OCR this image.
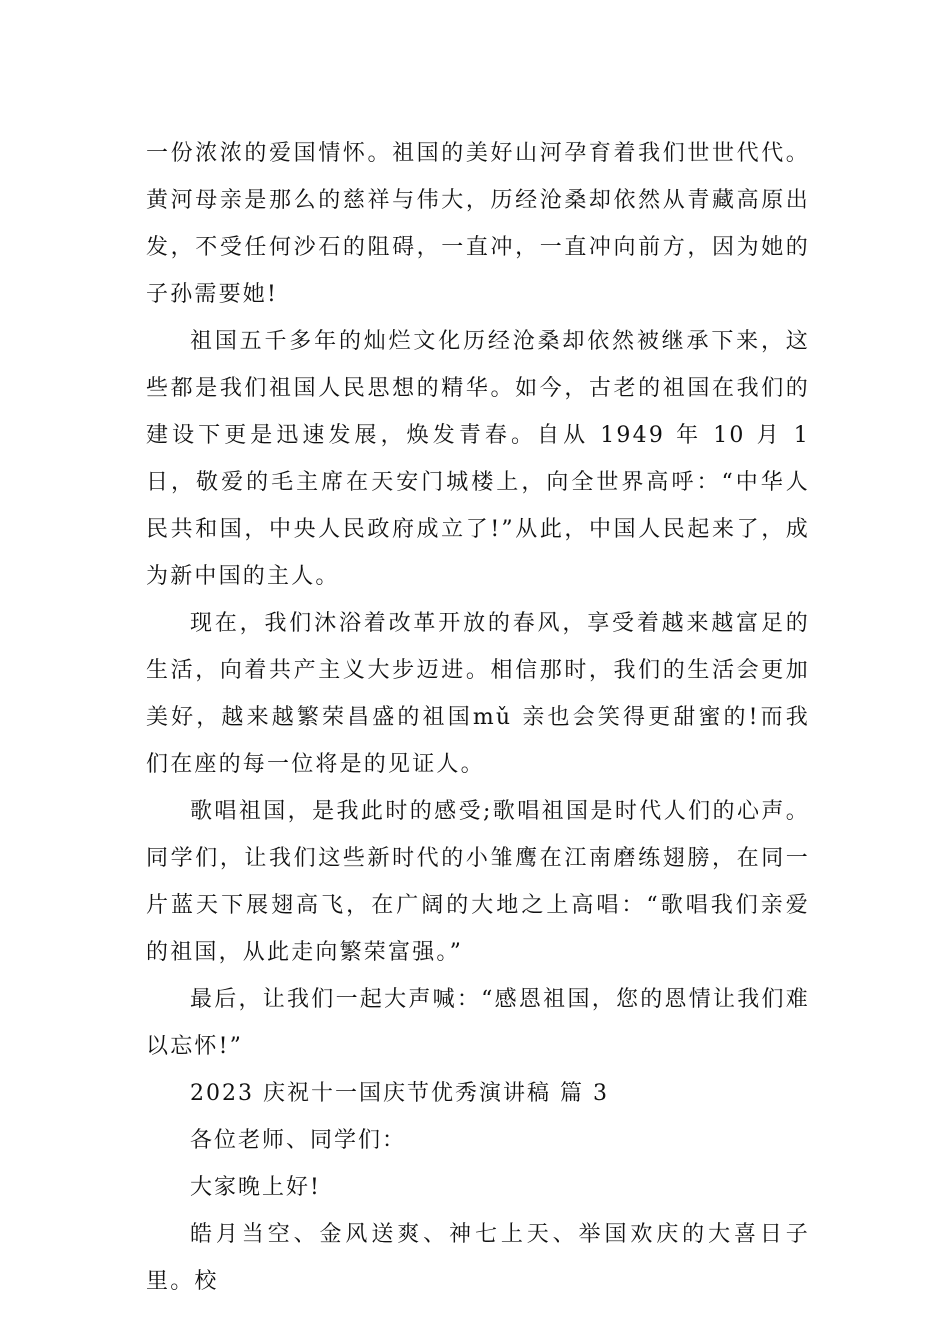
一份浓浓的爱国情怀。祖国的美好山河孕育着我们世世代代。黄河母亲是那么的慈祥与伟大，历经沧桑却依然从青藏高原出发，不受任何沙石的阻碍，一直冲，一直冲向前方，因为她的子孙需要她!

祖国五千多年的灿烂文化历经沧桑却依然被继承下来，这些都是我们祖国人民思想的精华。如今，古老的祖国在我们的建设下更是迅速发展，焕发青春。自从 1949 年 10 月 1 日，敬爱的毛主席在天安门城楼上，向全世界高呼：“中华人民共和国，中央人民政府成立了!”从此，中国人民起来了，成为新中国的主人。

现在，我们沐浴着改革开放的春风，享受着越来越富足的生活，向着共产主义大步迈进。相信那时，我们的生活会更加美好，越来越繁荣昌盛的祖国mǔ 亲也会笑得更甜蜜的!而我们在座的每一位将是的见证人。

歌唱祖国，是我此时的感受;歌唱祖国是时代人们的心声。同学们，让我们这些新时代的小雏鹰在江南磨练翅膀，在同一片蓝天下展翅高飞，在广阔的大地之上高唱：“歌唱我们亲爱的祖国，从此走向繁荣富强。”

最后，让我们一起大声喊：“感恩祖国，您的恩情让我们难以忘怀!”

2023 庆祝十一国庆节优秀演讲稿 篇 3

各位老师、同学们：

大家晚上好!

皓月当空、金风送爽、神七上天、举国欢庆的大喜日子里。校
